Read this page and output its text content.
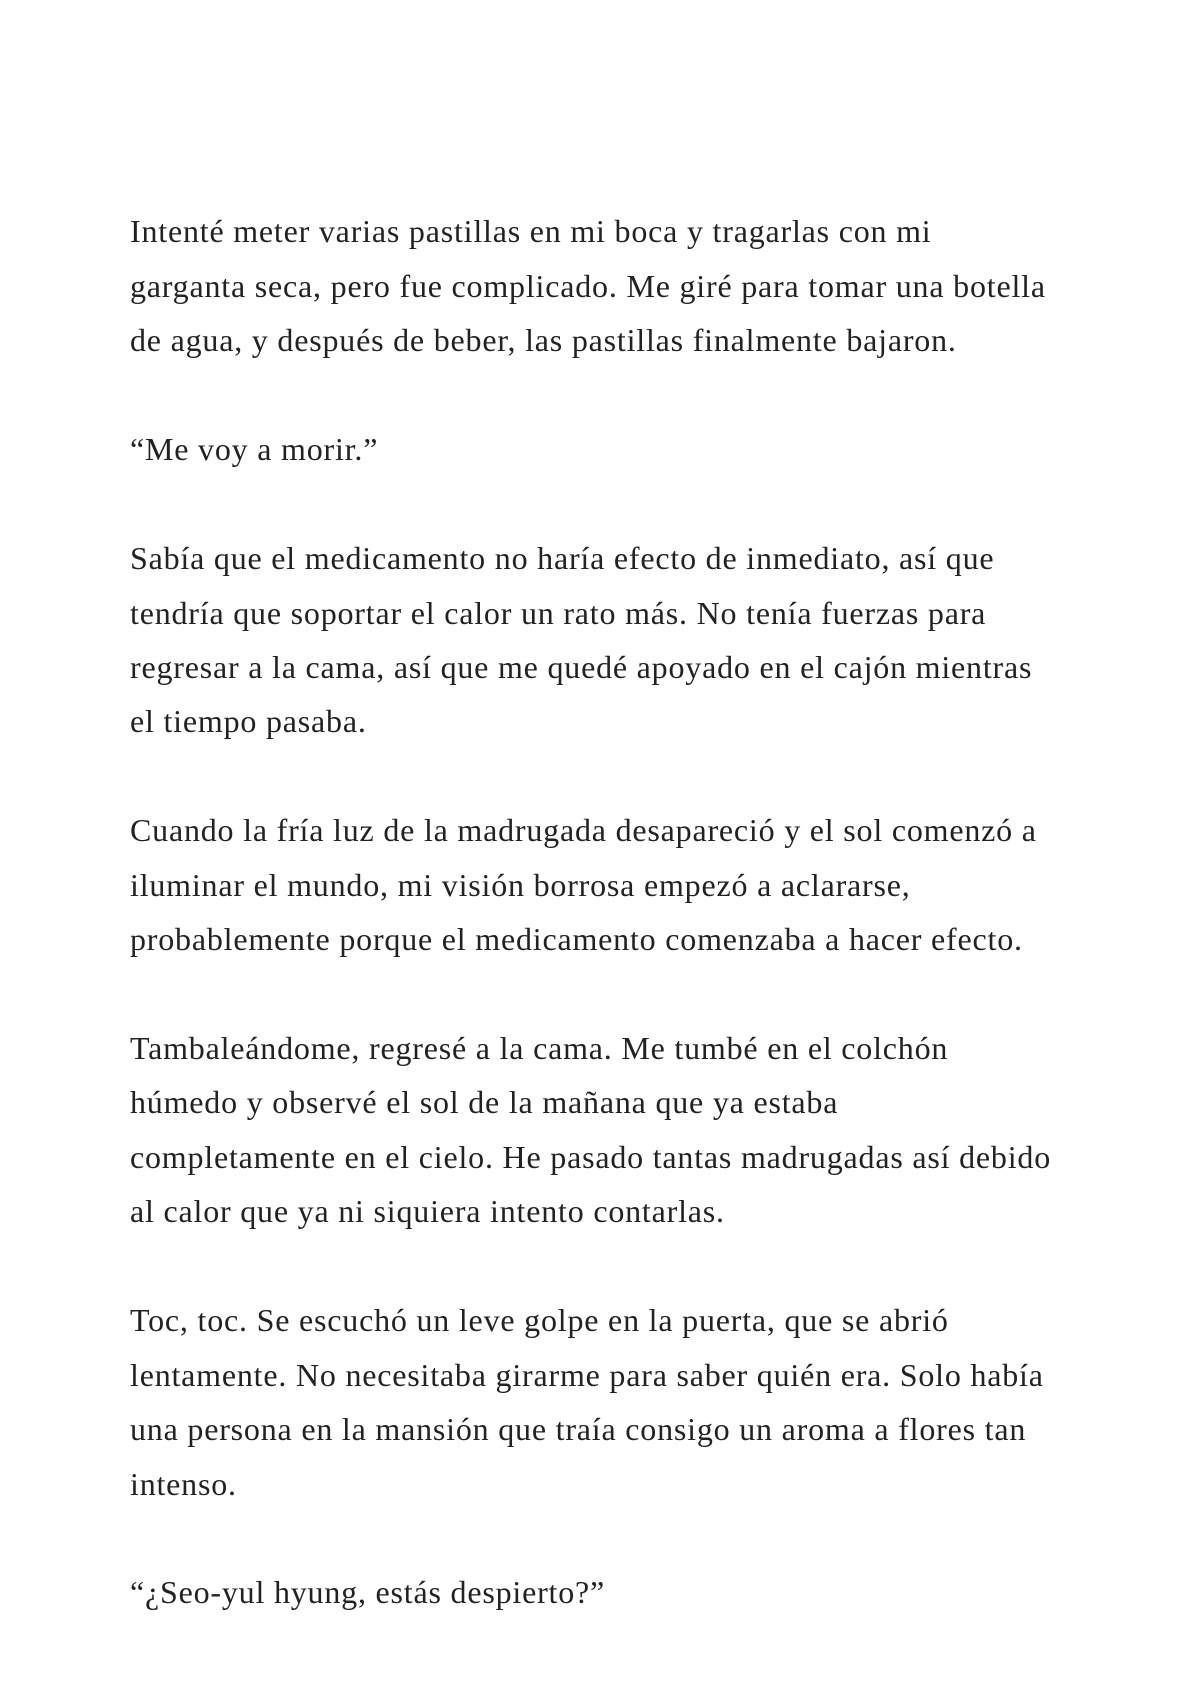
Intenté meter varias pastillas en mi boca y tragarlas con mi
garganta seca, pero fue complicado. Me giré para tomar una botella
de agua, y después de beber, las pastillas finalmente bajaron.

“Me voy a morir.”

Sabía que el medicamento no haría efecto de inmediato, así que
tendría que soportar el calor un rato más. No tenía fuerzas para
regresar a la cama, así que me quedé apoyado en el cajón mientras
el tiempo pasaba.

Cuando la fría luz de la madrugada desapareció y el sol comenzó a
iluminar el mundo, mi visión borrosa empezó a aclararse,
probablemente porque el medicamento comenzaba a hacer efecto.

Tambaleándome, regresé a la cama. Me tumbé en el colchón
húmedo y observé el sol de la mañana que ya estaba
completamente en el cielo. He pasado tantas madrugadas así debido
al calor que ya ni siquiera intento contarlas.

Toc, toc. Se escuchó un leve golpe en la puerta, que se abrió
lentamente. No necesitaba girarme para saber quién era. Solo había
una persona en la mansión que traía consigo un aroma a flores tan
intenso.

“¿Seo-yul hyung, estás despierto?”
